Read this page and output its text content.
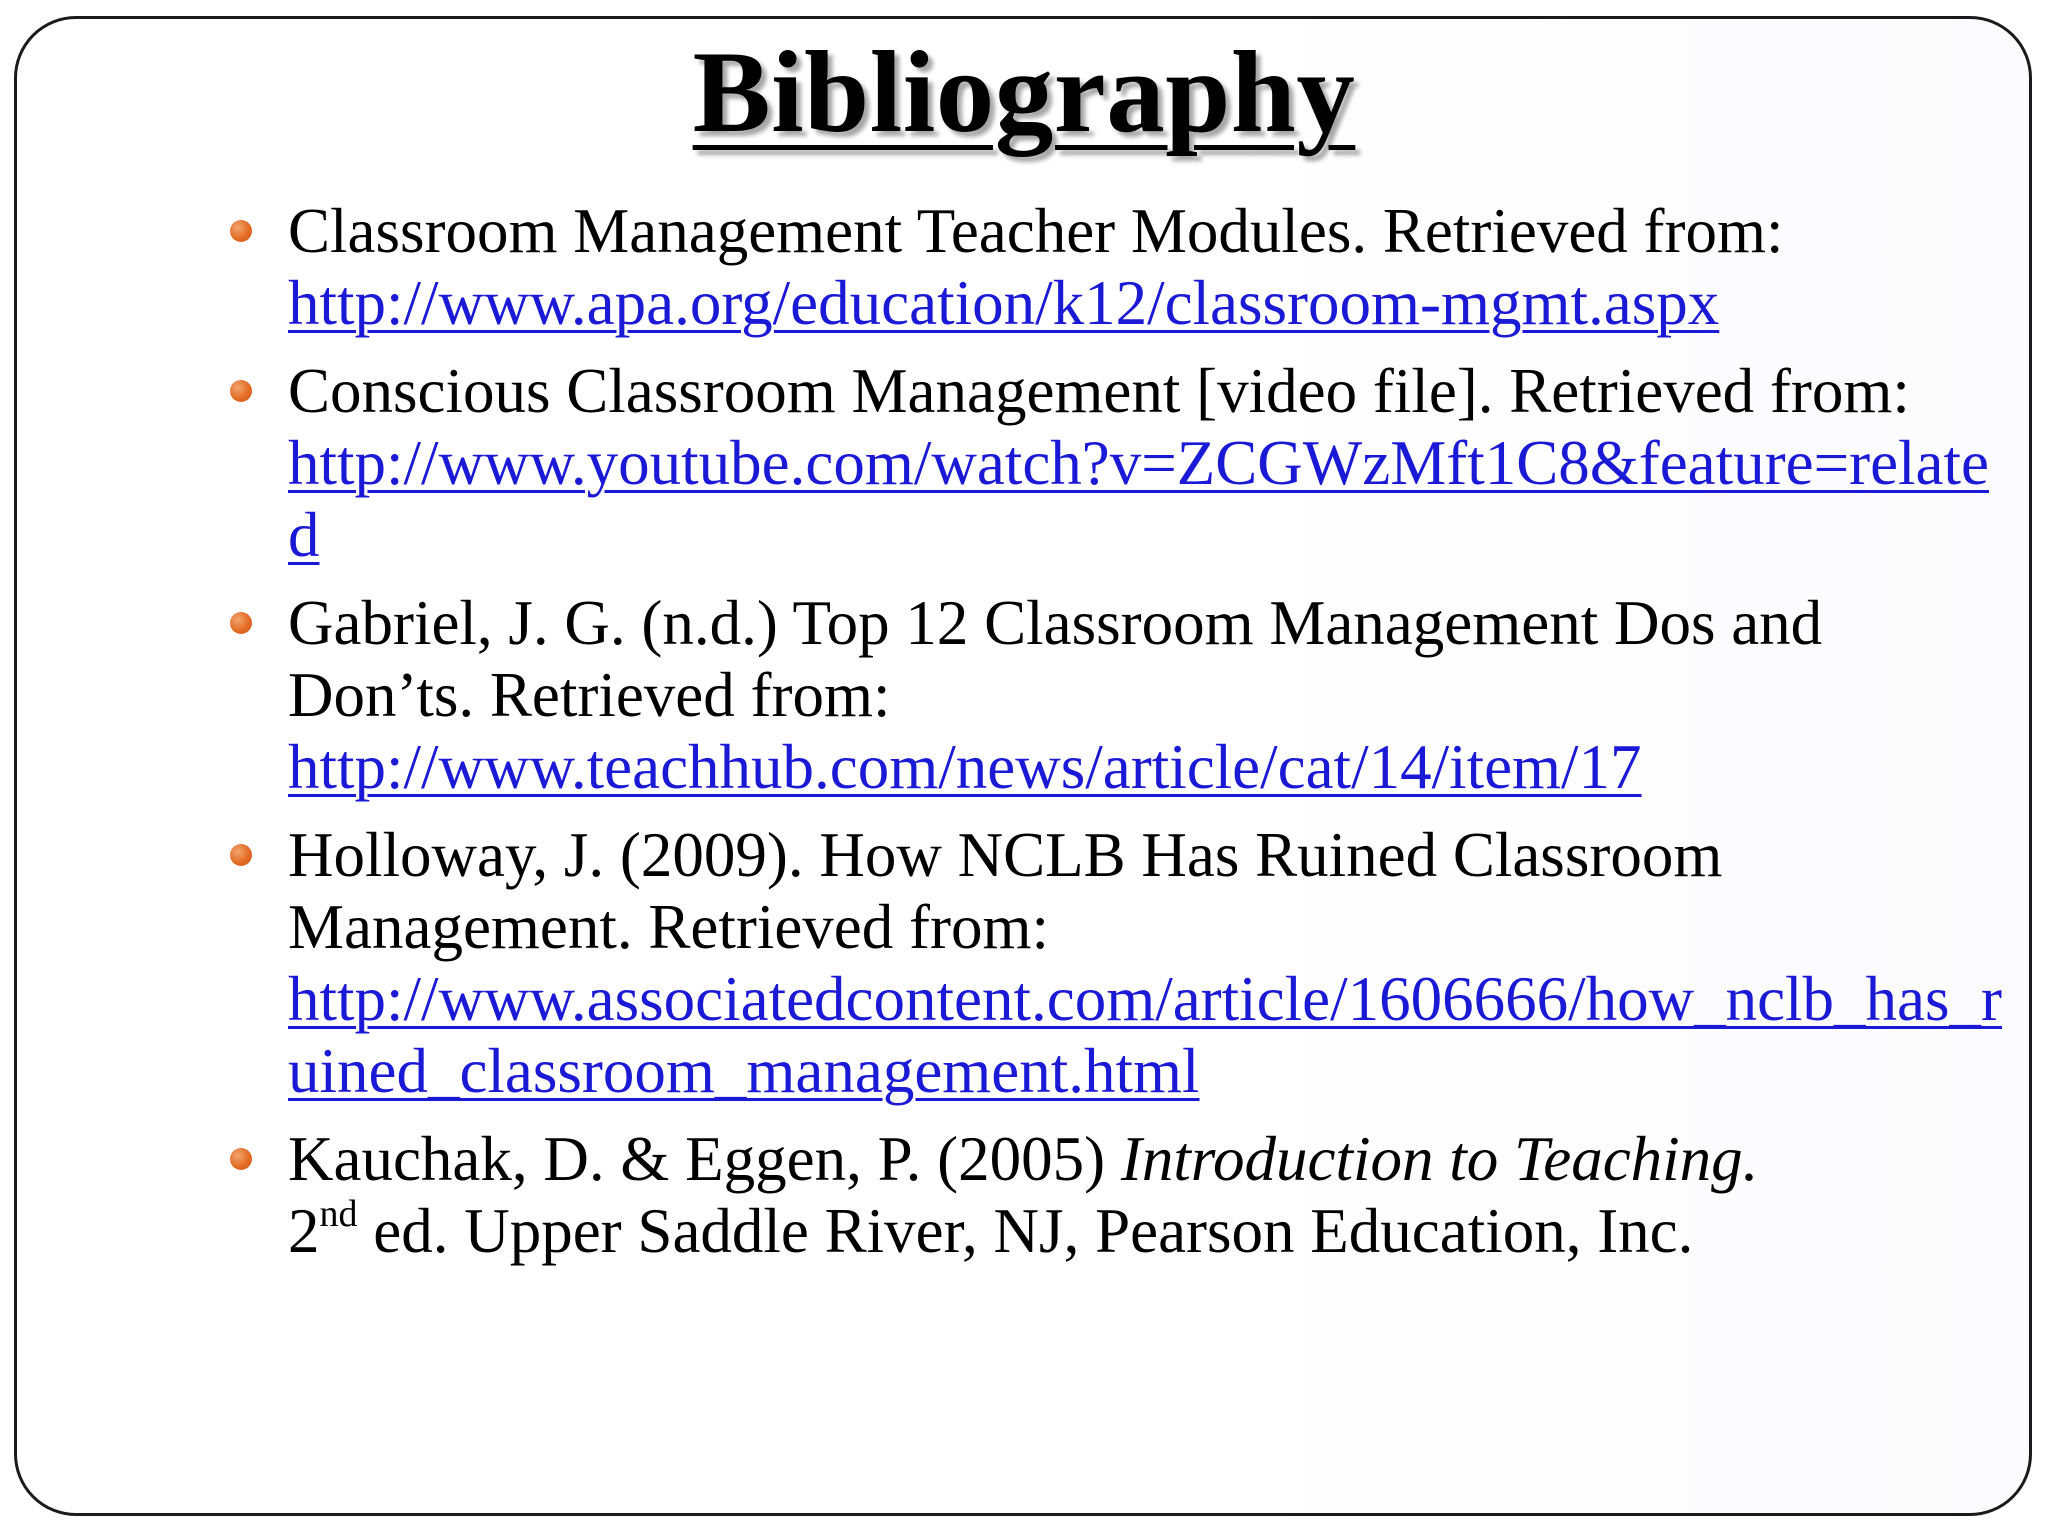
Bibliography
Classroom Management Teacher Modules. Retrieved from:
http://www.apa.org/education/k12/classroom-mgmt.aspx
Conscious Classroom Management [video file]. Retrieved from:
http://www.youtube.com/watch?v=ZCGWzMft1C8&feature=related
Gabriel, J. G. (n.d.) Top 12 Classroom Management Dos and Don’ts. Retrieved from:
http://www.teachhub.com/news/article/cat/14/item/17
Holloway, J. (2009). How NCLB Has Ruined Classroom Management. Retrieved from:
http://www.associatedcontent.com/article/1606666/how_nclb_has_ruined_classroom_management.html
Kauchak, D. & Eggen, P. (2005) Introduction to Teaching.
2nd ed. Upper Saddle River, NJ, Pearson Education, Inc.
